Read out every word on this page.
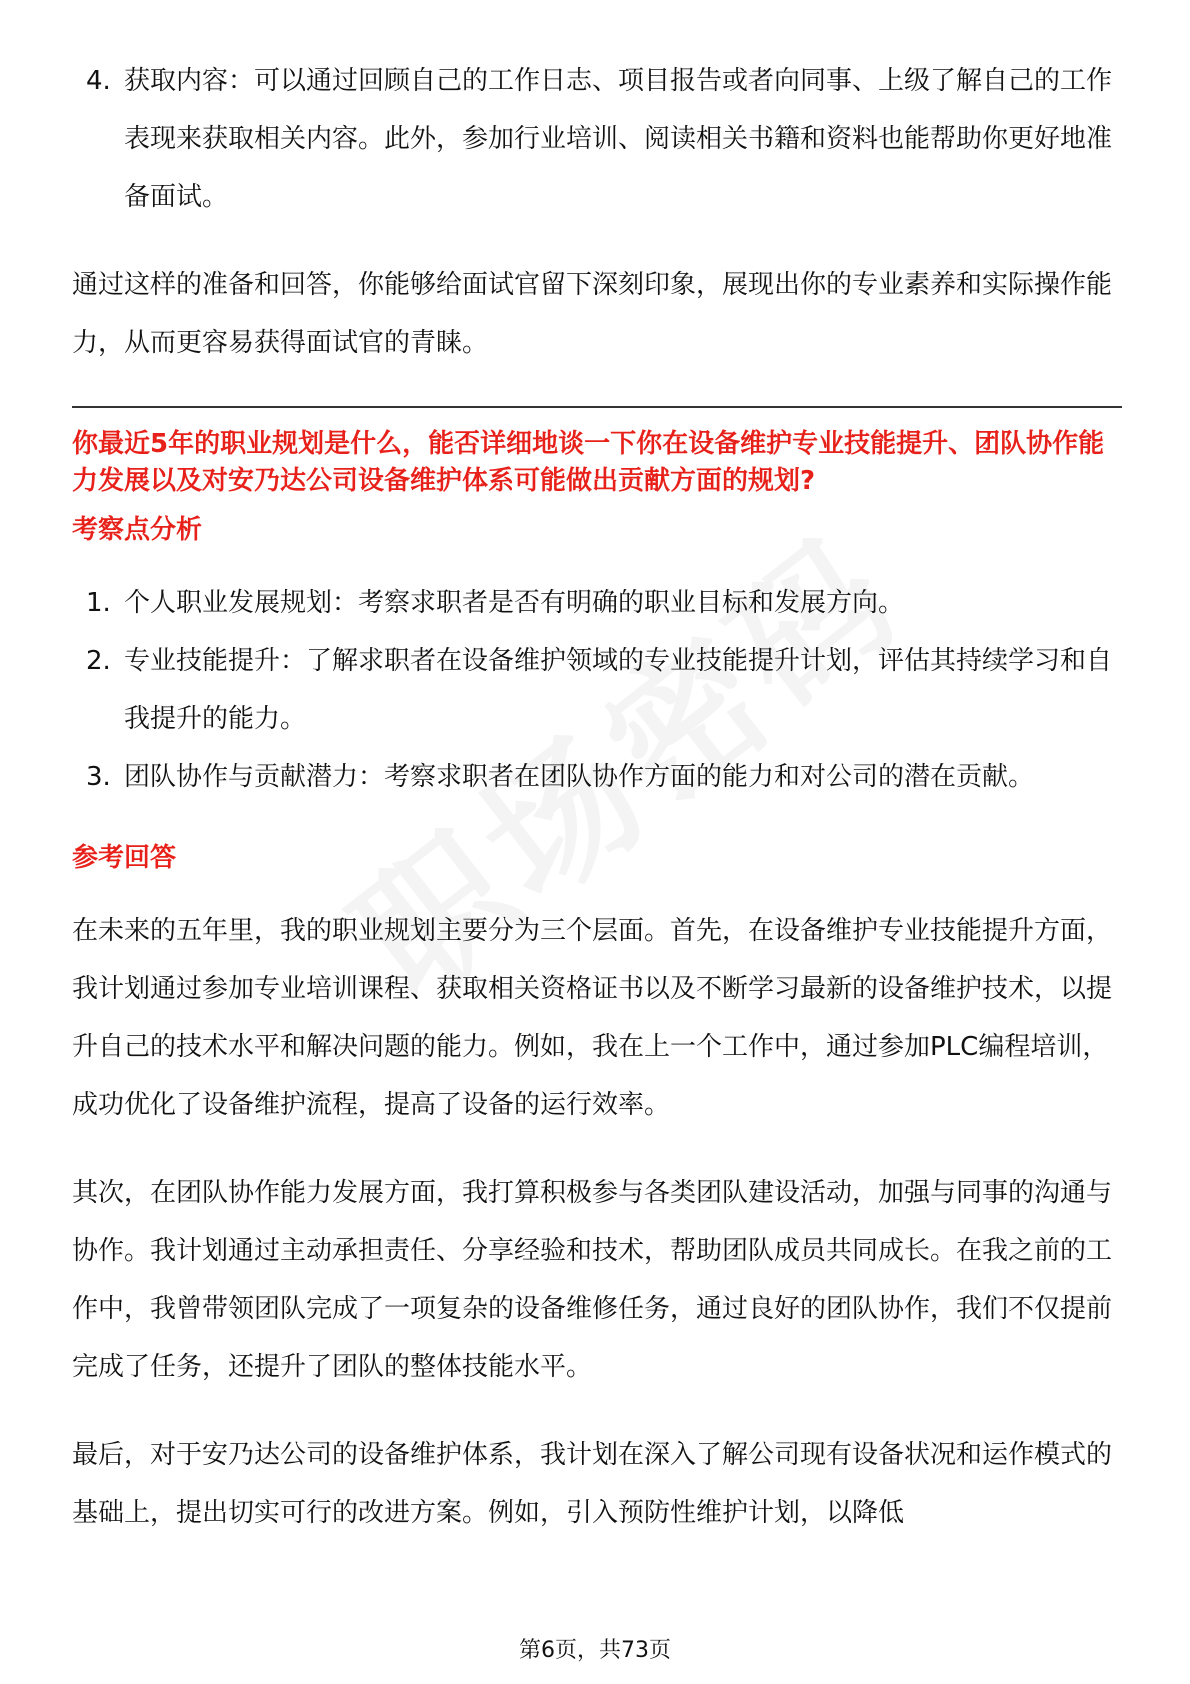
4. 获取内容：可以通过回顾自己的工作日志、项目报告或者向同事、上级了解自己的工作表现来获取相关内容。此外，参加行业培训、阅读相关书籍和资料也能帮助你更好地准备面试。

通过这样的准备和回答，你能够给面试官留下深刻印象，展现出你的专业素养和实际操作能力，从而更容易获得面试官的青睐。

你最近5年的职业规划是什么，能否详细地谈一下你在设备维护专业技能提升、团队协作能力发展以及对安乃达公司设备维护体系可能做出贡献方面的规划?

考察点分析

1. 个人职业发展规划：考察求职者是否有明确的职业目标和发展方向。
2. 专业技能提升：了解求职者在设备维护领域的专业技能提升计划，评估其持续学习和自我提升的能力。
3. 团队协作与贡献潜力：考察求职者在团队协作方面的能力和对公司的潜在贡献。

参考回答

在未来的五年里，我的职业规划主要分为三个层面。首先，在设备维护专业技能提升方面，我计划通过参加专业培训课程、获取相关资格证书以及不断学习最新的设备维护技术，以提升自己的技术水平和解决问题的能力。例如，我在上一个工作中，通过参加PLC编程培训，成功优化了设备维护流程，提高了设备的运行效率。

其次，在团队协作能力发展方面，我打算积极参与各类团队建设活动，加强与同事的沟通与协作。我计划通过主动承担责任、分享经验和技术，帮助团队成员共同成长。在我之前的工作中，我曾带领团队完成了一项复杂的设备维修任务，通过良好的团队协作，我们不仅提前完成了任务，还提升了团队的整体技能水平。

最后，对于安乃达公司的设备维护体系，我计划在深入了解公司现有设备状况和运作模式的基础上，提出切实可行的改进方案。例如，引入预防性维护计划，以降低

第6页，共73页
